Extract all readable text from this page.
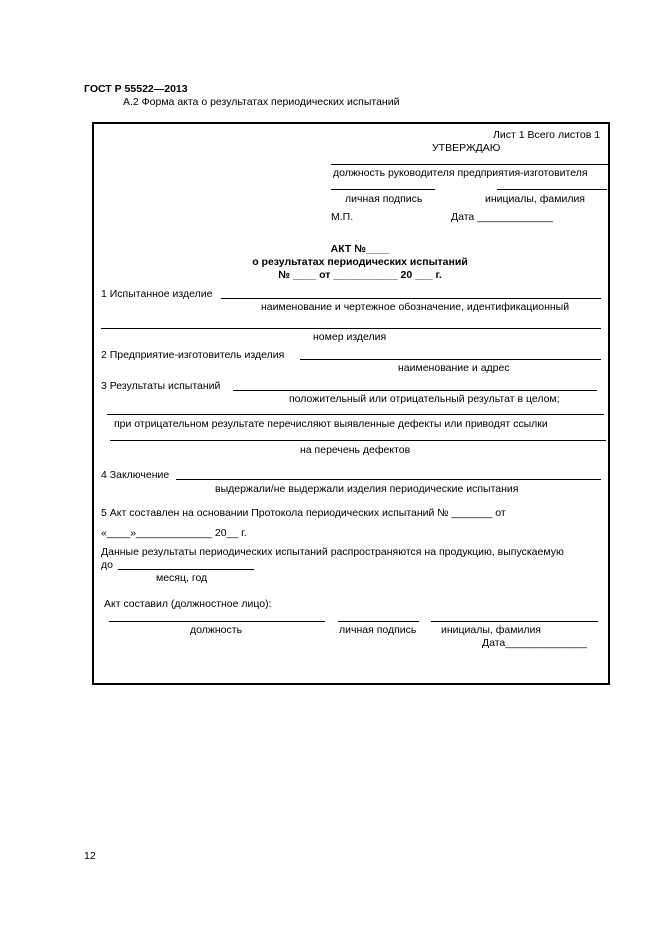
ГОСТ Р 55522—2013
А.2 Форма акта о результатах периодических испытаний
Лист 1 Всего листов 1
УТВЕРЖДАЮ
должность руководителя предприятия-изготовителя
личная подпись	инициалы, фамилия
М.П.	Дата _____________
АКТ №____
о результатах периодических испытаний
№ ____ от ___________ 20 ___ г.
1 Испытанное изделие
наименование и чертежное обозначение, идентификационный
номер изделия
2 Предприятие-изготовитель изделия
наименование и адрес
3 Результаты испытаний
положительный или отрицательный результат в целом;
при отрицательном результате перечисляют выявленные дефекты или приводят ссылки
на перечень дефектов
4 Заключение
выдержали/не выдержали изделия периодические испытания
5 Акт составлен на основании Протокола периодических испытаний № _______ от
«____»_____________ 20__ г.
Данные результаты периодических испытаний распространяются на продукцию, выпускаемую
до
месяц, год
Акт составил (должностное лицо):
должность	личная подпись инициалы, фамилия
Дата______________
12
